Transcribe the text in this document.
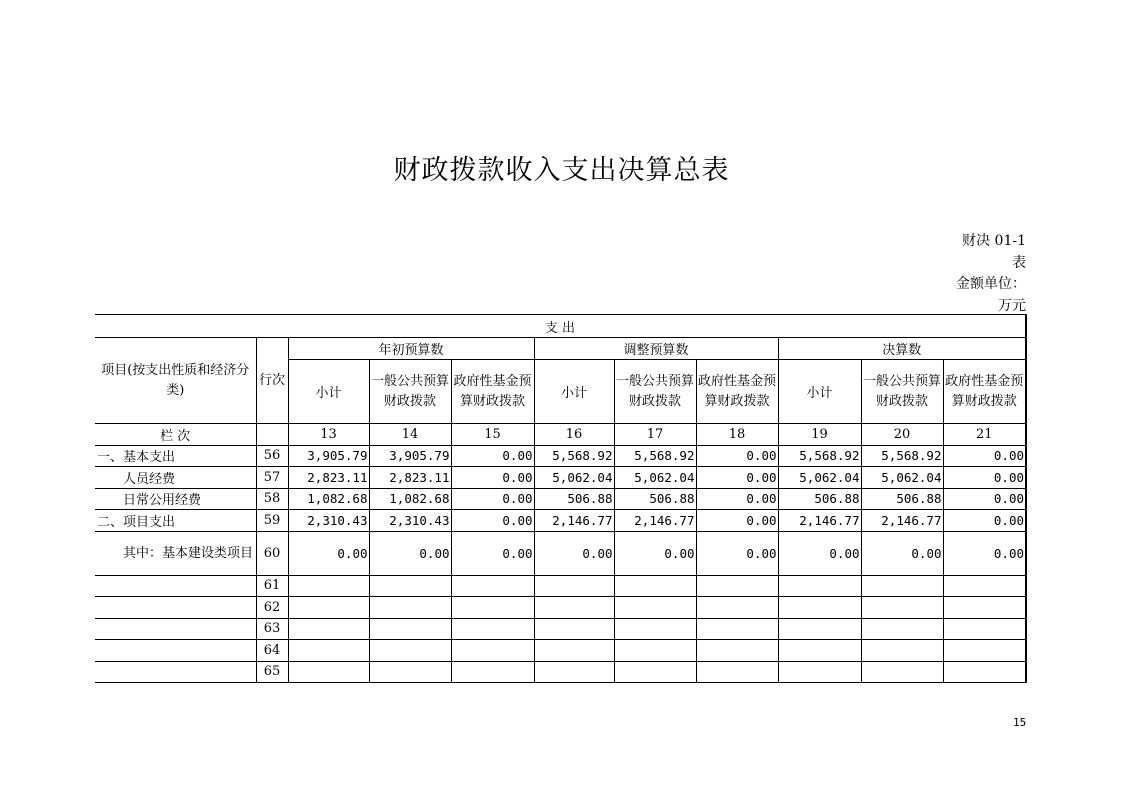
财政拨款收入支出决算总表
财决 01-1
表
金额单位：
万元
支 出										
项目(按支出性质和经济分类)	行次	年初预算数			调整预算数			决算数		
		小计	一般公共预算财政拨款	政府性基金预算财政拨款	小计	一般公共预算财政拨款	政府性基金预算财政拨款	小计	一般公共预算财政拨款	政府性基金预算财政拨款
栏 次		13	14	15	16	17	18	19	20	21
一、基本支出	56	3,905.79	3,905.79	0.00	5,568.92	5,568.92	0.00	5,568.92	5,568.92	0.00
人员经费	57	2,823.11	2,823.11	0.00	5,062.04	5,062.04	0.00	5,062.04	5,062.04	0.00
日常公用经费	58	1,082.68	1,082.68	0.00	506.88	506.88	0.00	506.88	506.88	0.00
二、项目支出	59	2,310.43	2,310.43	0.00	2,146.77	2,146.77	0.00	2,146.77	2,146.77	0.00
其中：基本建设类项目	60	0.00	0.00	0.00	0.00	0.00	0.00	0.00	0.00	0.00
	61									
	62									
	63									
	64									
	65									
15
